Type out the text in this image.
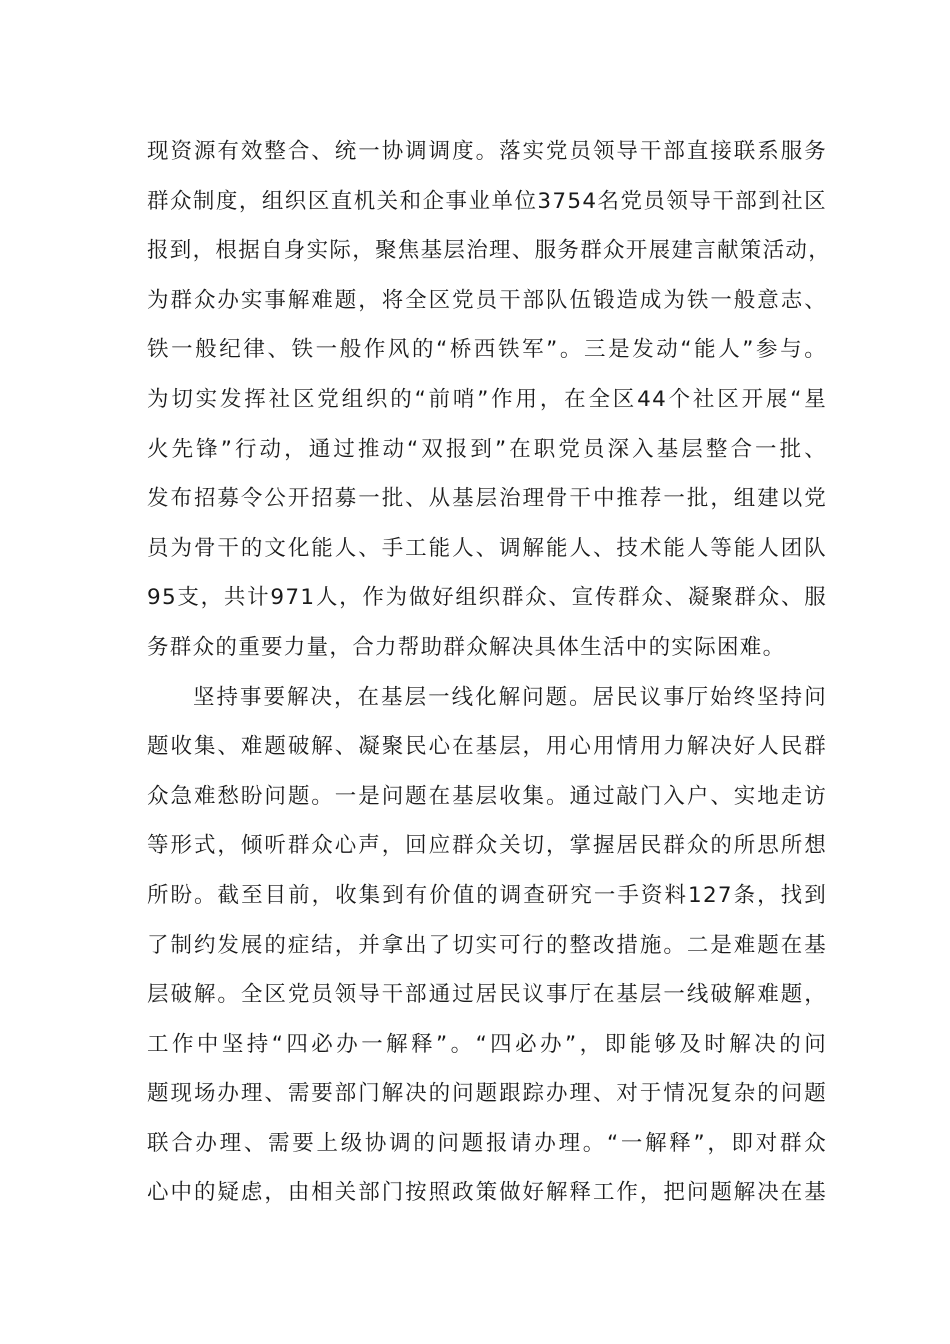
现资源有效整合、统一协调调度。落实党员领导干部直接联系服务
群众制度，组织区直机关和企事业单位3754名党员领导干部到社区
报到，根据自身实际，聚焦基层治理、服务群众开展建言献策活动，
为群众办实事解难题，将全区党员干部队伍锻造成为铁一般意志、
铁一般纪律、铁一般作风的“桥西铁军”。三是发动“能人”参与。
为切实发挥社区党组织的“前哨”作用，在全区44个社区开展“星
火先锋”行动，通过推动“双报到”在职党员深入基层整合一批、
发布招募令公开招募一批、从基层治理骨干中推荐一批，组建以党
员为骨干的文化能人、手工能人、调解能人、技术能人等能人团队
95支，共计971人，作为做好组织群众、宣传群众、凝聚群众、服
务群众的重要力量，合力帮助群众解决具体生活中的实际困难。
坚持事要解决，在基层一线化解问题。居民议事厅始终坚持问
题收集、难题破解、凝聚民心在基层，用心用情用力解决好人民群
众急难愁盼问题。一是问题在基层收集。通过敲门入户、实地走访
等形式，倾听群众心声，回应群众关切，掌握居民群众的所思所想
所盼。截至目前，收集到有价值的调查研究一手资料127条，找到
了制约发展的症结，并拿出了切实可行的整改措施。二是难题在基
层破解。全区党员领导干部通过居民议事厅在基层一线破解难题，
工作中坚持“四必办一解释”。“四必办”，即能够及时解决的问
题现场办理、需要部门解决的问题跟踪办理、对于情况复杂的问题
联合办理、需要上级协调的问题报请办理。“一解释”，即对群众
心中的疑虑，由相关部门按照政策做好解释工作，把问题解决在基
